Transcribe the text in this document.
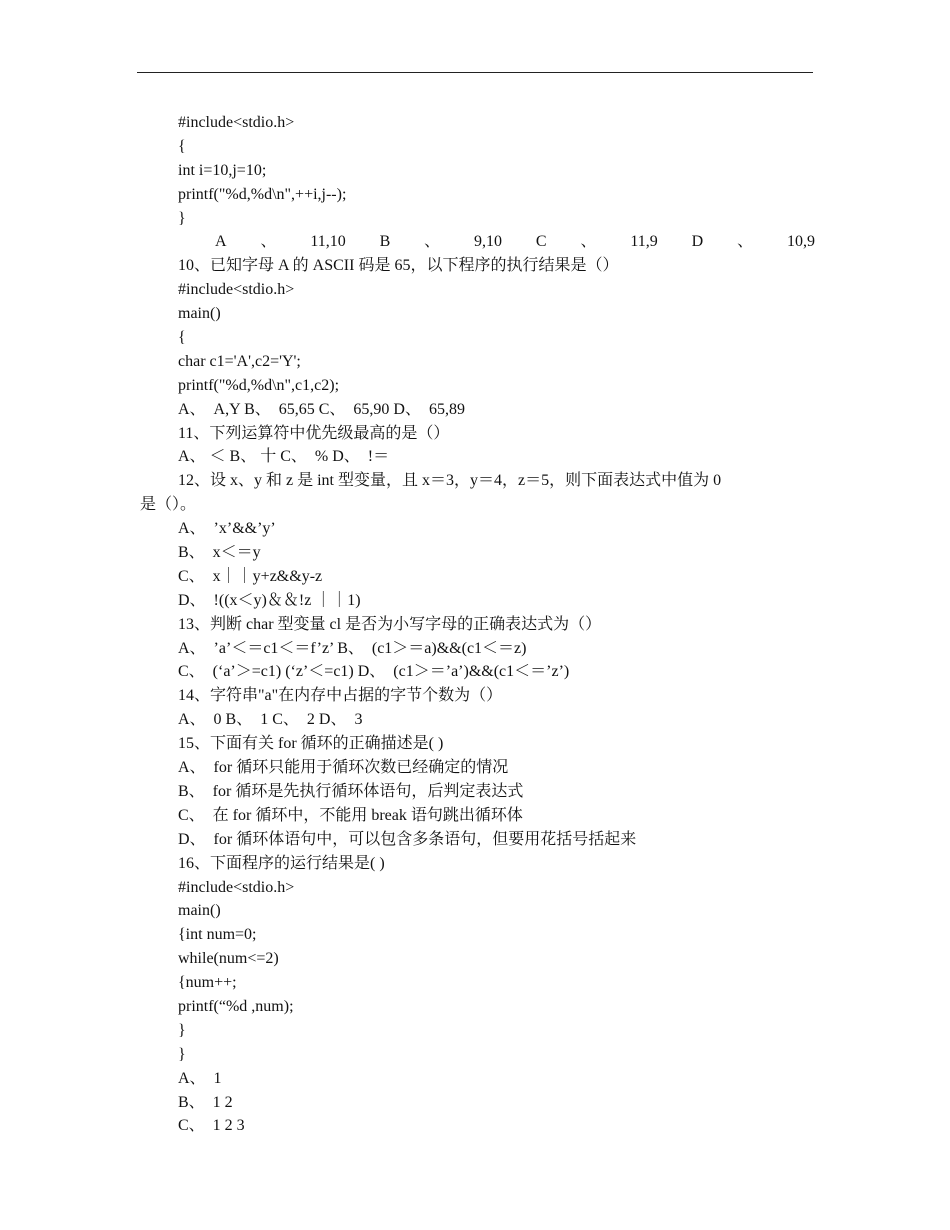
#include<stdio.h>
{
int i=10,j=10;
printf("%d,%d\n",++i,j--);
}
A 、 11,10 B 、 9,10 C 、 11,9 D 、 10,9
10、已知字母 A 的 ASCII 码是 65，以下程序的执行结果是（）
#include<stdio.h>
main()
{
char c1='A',c2='Y';
printf("%d,%d\n",c1,c2);
A、  A,Y B、  65,65 C、  65,90 D、  65,89
11、下列运算符中优先级最高的是（）
A、 ＜ B、 十 C、  % D、  !＝
12、设 x、y 和 z 是 int 型变量，且 x＝3，y＝4，z＝5，则下面表达式中值为 0
是（）。
A、  ’x’&&’y’
B、  x＜＝y
C、  x｜｜y+z&&y-z
D、  !((x＜y)＆＆!z ｜｜1)
13、判断 char 型变量 cl 是否为小写字母的正确表达式为（）
A、  ’a’＜＝c1＜＝f’z’ B、  (c1＞＝a)&&(c1＜＝z)
C、  (‘a’＞=c1) (‘z’＜=c1) D、  (c1＞＝’a’)&&(c1＜＝’z’)
14、字符串"a"在内存中占据的字节个数为（）
A、  0 B、  1 C、  2 D、  3
15、下面有关 for 循环的正确描述是( )
A、  for 循环只能用于循环次数已经确定的情况
B、  for 循环是先执行循环体语句，后判定表达式
C、  在 for 循环中，不能用 break 语句跳出循环体
D、  for 循环体语句中，可以包含多条语句，但要用花括号括起来
16、下面程序的运行结果是( )
#include<stdio.h>
main()
{int num=0;
while(num<=2)
{num++;
printf(“%d ,num);
}
}
A、  1
B、  1 2
C、  1 2 3
